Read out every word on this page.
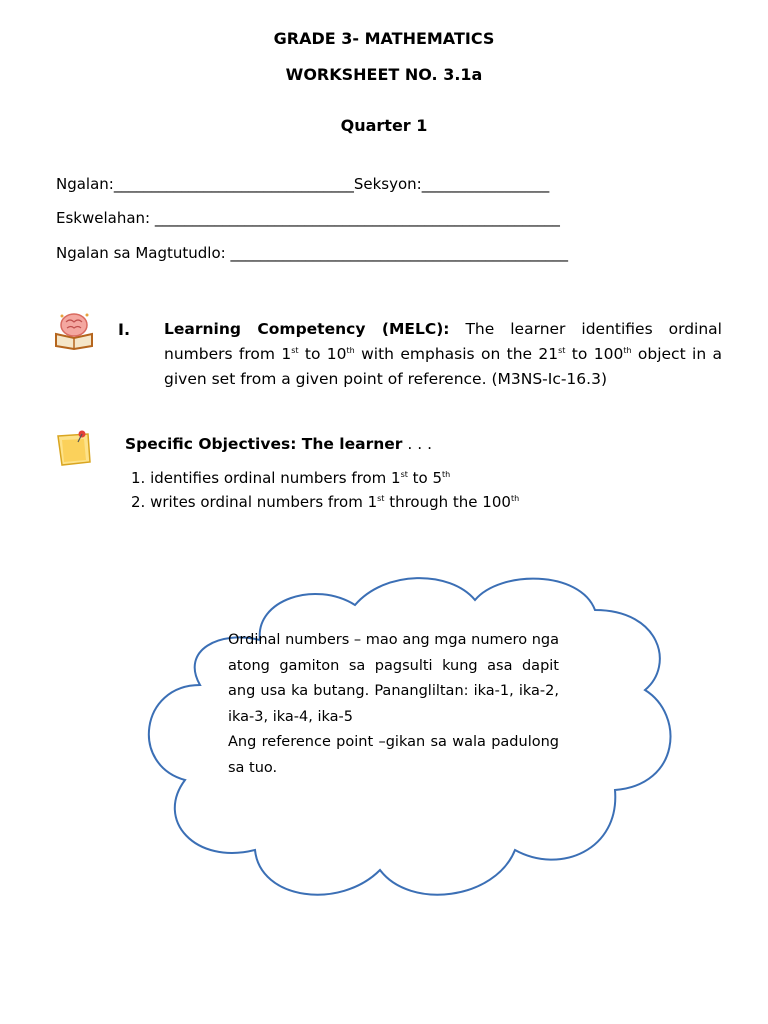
GRADE 3- MATHEMATICS
WORKSHEET NO. 3.1a
Quarter 1
Ngalan:________________________________Seksyon:_________________
Eskwelahan: ______________________________________________________
Ngalan sa Magtutudlo: _____________________________________________
I. Learning Competency (MELC): The learner identifies ordinal numbers from 1st to 10th with emphasis on the 21st to 100th object in a given set from a given point of reference. (M3NS-Ic-16.3)
Specific Objectives: The learner . . .
1. identifies ordinal numbers from 1st to 5th
2. writes ordinal numbers from 1st through the 100th
Ordinal numbers – mao ang mga numero nga atong gamiton sa pagsulti kung asa dapit ang usa ka butang. Panangliltan: ika-1, ika-2, ika-3, ika-4, ika-5
Ang reference point –gikan sa wala padulong sa tuo.
